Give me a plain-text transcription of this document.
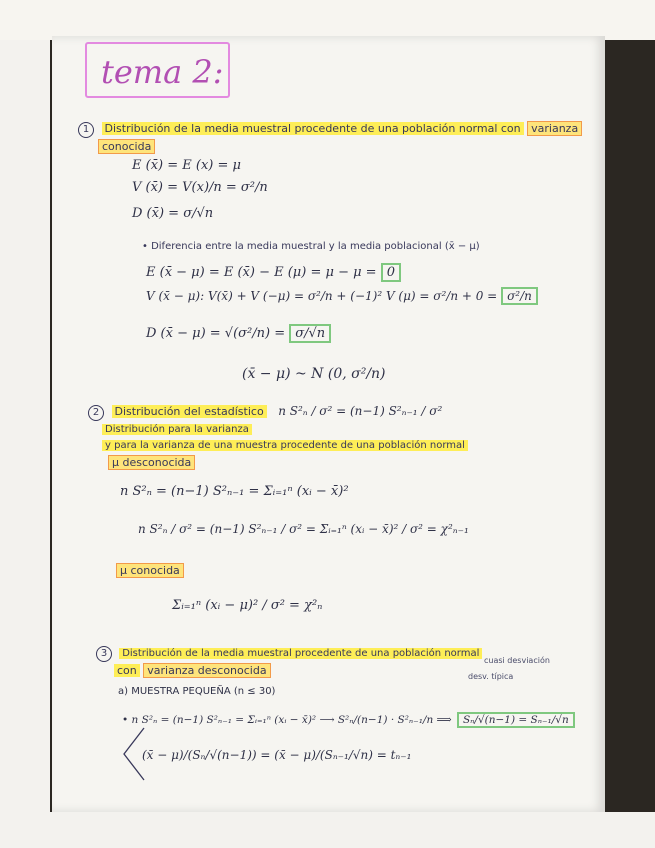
tema 2:
1 Distribución de la media muestral procedente de una población normal con varianza
conocida
E (x̄) = E (x) = μ
V (x̄) = V(x)/n = σ²/n
D (x̄) = σ/√n
• Diferencia entre la media muestral y la media poblacional (x̄ − μ)
E (x̄ − μ) = E (x̄) − E (μ) = μ − μ = 0
V (x̄ − μ): V(x̄) + V (−μ) = σ²/n + (−1)² V (μ) = σ²/n + 0 = σ²/n
D (x̄ − μ) = √(σ²/n) = σ/√n
(x̄ − μ) ~ N (0, σ²/n)
2 Distribución del estadístico n S²ₙ / σ² = (n−1) S²ₙ₋₁ / σ²
Distribución para la varianza
y para la varianza de una muestra procedente de una población normal
μ desconocida
n S²ₙ = (n−1) S²ₙ₋₁ = Σᵢ₌₁ⁿ (xᵢ − x̄)²
n S²ₙ / σ² = (n−1) S²ₙ₋₁ / σ² = Σᵢ₌₁ⁿ (xᵢ − x̄)² / σ² = χ²ₙ₋₁
μ conocida
Σᵢ₌₁ⁿ (xᵢ − μ)² / σ² = χ²ₙ
3 Distribución de la media muestral procedente de una población normal
con varianza desconocida
a) MUESTRA PEQUEÑA (n ≤ 30)
cuasi desviación
desv. típica
• n S²ₙ = (n−1) S²ₙ₋₁ = Σᵢ₌₁ⁿ (xᵢ − x̄)² ⟶ S²ₙ/(n−1) · S²ₙ₋₁/n ⟹ Sₙ/√(n−1) = Sₙ₋₁/√n
(x̄ − μ)/(Sₙ/√(n−1)) = (x̄ − μ)/(Sₙ₋₁/√n) = tₙ₋₁
